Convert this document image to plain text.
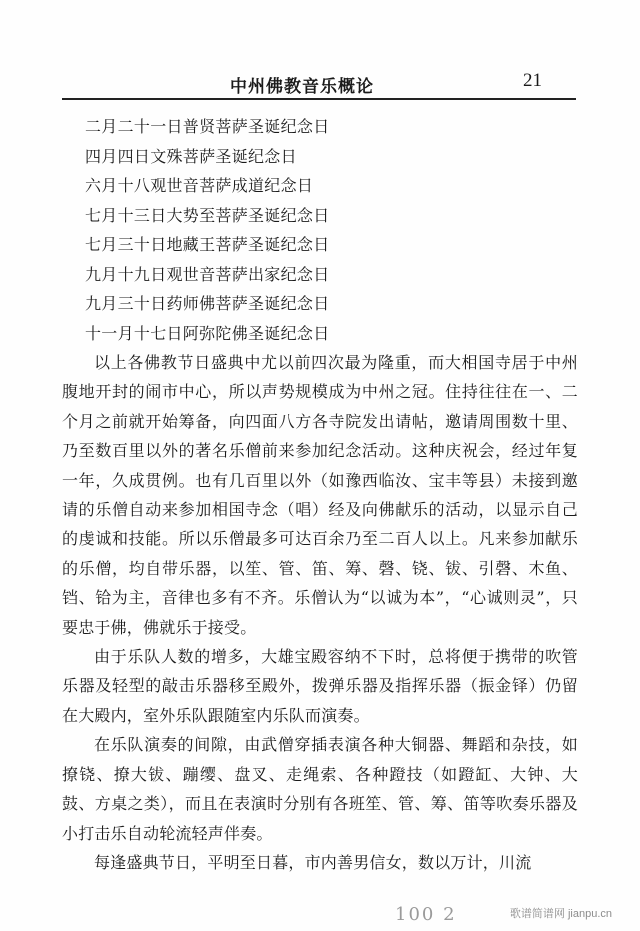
中州佛教音乐概论	21
二月二十一日普贤菩萨圣诞纪念日
四月四日文殊菩萨圣诞纪念日
六月十八观世音菩萨成道纪念日
七月十三日大势至菩萨圣诞纪念日
七月三十日地藏王菩萨圣诞纪念日
九月十九日观世音菩萨出家纪念日
九月三十日药师佛菩萨圣诞纪念日
十一月十七日阿弥陀佛圣诞纪念日

以上各佛教节日盛典中尤以前四次最为隆重，而大相国寺居于中州腹地开封的闹市中心，所以声势规模成为中州之冠。住持往往在一、二个月之前就开始筹备，向四面八方各寺院发出请帖，邀请周围数十里、乃至数百里以外的著名乐僧前来参加纪念活动。这种庆祝会，经过年复一年，久成贯例。也有几百里以外（如豫西临汝、宝丰等县）未接到邀请的乐僧自动来参加相国寺念（唱）经及向佛献乐的活动，以显示自己的虔诚和技能。所以乐僧最多可达百余乃至二百人以上。凡来参加献乐的乐僧，均自带乐器，以笙、管、笛、筹、磬、铙、钹、引磬、木鱼、铛、铪为主，音律也多有不齐。乐僧认为“以诚为本”，“心诚则灵”，只要忠于佛，佛就乐于接受。

由于乐队人数的增多，大雄宝殿容纳不下时，总将便于携带的吹管乐器及轻型的敲击乐器移至殿外，拨弹乐器及指挥乐器（振金铎）仍留在大殿内，室外乐队跟随室内乐队而演奏。

在乐队演奏的间隙，由武僧穿插表演各种大铜器、舞蹈和杂技，如撩铙、撩大钹、蹦缨、盘叉、走绳索、各种蹬技（如蹬缸、大钟、大鼓、方桌之类），而且在表演时分别有各班笙、管、筹、笛等吹奏乐器及小打击乐自动轮流轻声伴奏。

每逢盛典节日，平明至日暮，市内善男信女，数以万计，川流

100 2	歌谱简谱网 jianpu.cn
